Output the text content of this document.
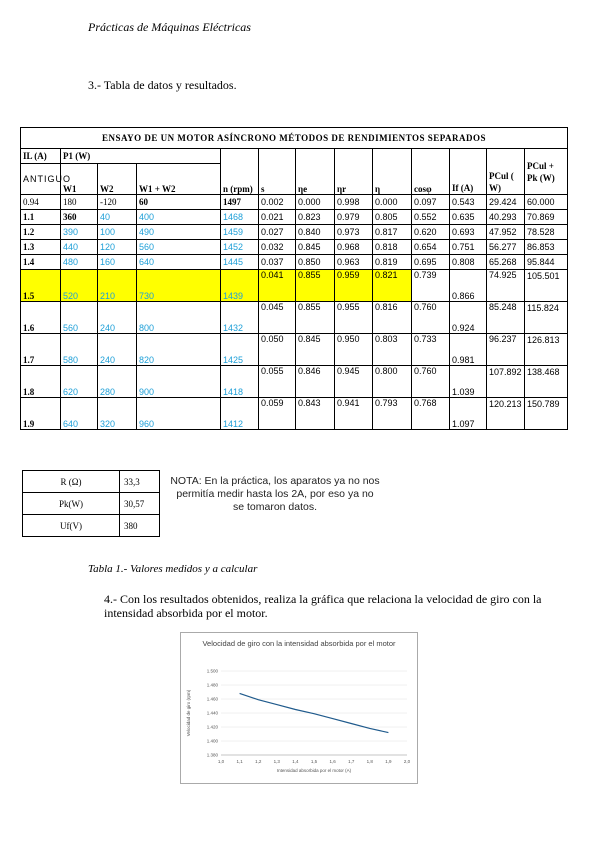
Prácticas de Máquinas Eléctricas
3.- Tabla de datos y resultados.
ENSAYO DE UN MOTOR ASÍNCRONO MÉTODOS DE RENDIMIENTOS SEPARADOS												
IL (A)	P1 (W)			n (rpm)	s	ηe	ηr	η	cosφ	If (A)	PCul ( W)	PCul + Pk (W)
ANTIGUO	W1	W2	W1 + W2									
0.94	180	-120	60	1497	0.002	0.000	0.998	0.000	0.097	0.543	29.424	60.000
1.1	360	40	400	1468	0.021	0.823	0.979	0.805	0.552	0.635	40.293	70.869
1.2	390	100	490	1459	0.027	0.840	0.973	0.817	0.620	0.693	47.952	78.528
1.3	440	120	560	1452	0.032	0.845	0.968	0.818	0.654	0.751	56.277	86.853
1.4	480	160	640	1445	0.037	0.850	0.963	0.819	0.695	0.808	65.268	95.844
1.5	520	210	730	1439	0.041	0.855	0.959	0.821	0.739	0.866	74.925	105.501
1.6	560	240	800	1432	0.045	0.855	0.955	0.816	0.760	0.924	85.248	115.824
1.7	580	240	820	1425	0.050	0.845	0.950	0.803	0.733	0.981	96.237	126.813
1.8	620	280	900	1418	0.055	0.846	0.945	0.800	0.760	1.039	107.892	138.468
1.9	640	320	960	1412	0.059	0.843	0.941	0.793	0.768	1.097	120.213	150.789
R (Ω)	33,3
Pk(W)	30,57
Uf(V)	380
NOTA: En la práctica, los aparatos ya no nos permitía medir hasta los 2A, por eso ya no se tomaron datos.
Tabla 1.- Valores medidos y a calcular
4.- Con los resultados obtenidos, realiza la gráfica que relaciona la velocidad de giro con la intensidad absorbida por el motor.
Velocidad de giro con la intensidad absorbida por el motor
1.380
1.400
1.420
1.440
1.460
1.480
1.500
1,0	1,1	1,2	1,3	1,4	1,5	1,6	1,7	1,8	1,9	2,0
Intensidad absorbida por el motor (A)
Velocidad de giro (rpm)
